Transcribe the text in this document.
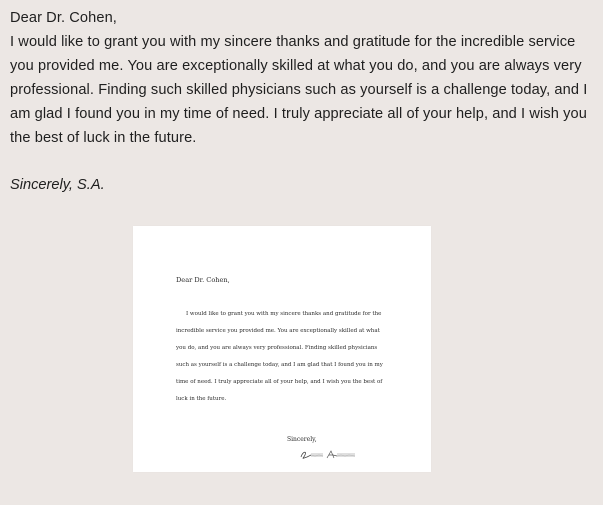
Dear Dr. Cohen,

I would like to grant you with my sincere thanks and gratitude for the incredible service you provided me. You are exceptionally skilled at what you do, and you are always very professional. Finding such skilled physicians such as yourself is a challenge today, and I am glad I found you in my time of need. I truly appreciate all of your help, and I wish you the best of luck in the future.

Sincerely, S.A.
Dear Dr. Cohen,
I would like to grant you with my sincere thanks and gratitude for the incredible service you provided me. You are exceptionally skilled at what you do, and you are always very professional. Finding skilled physicians such as yourself is a challenge today, and I am glad that I found you in my time of need. I truly appreciate all of your help, and I wish you the best of luck in the future.
Sincerely,
